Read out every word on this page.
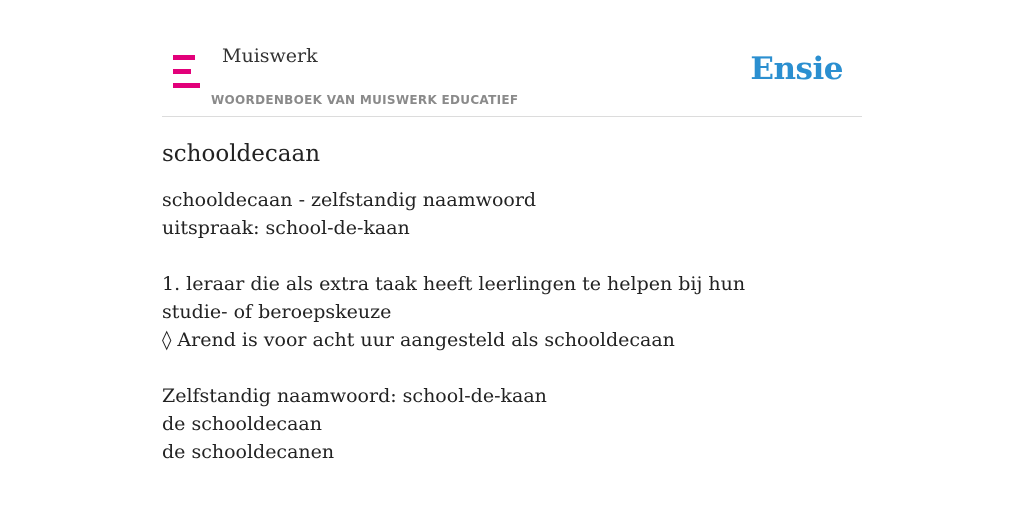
Muiswerk
WOORDENBOEK VAN MUISWERK EDUCATIEF
Ensie
schooldecaan
schooldecaan - zelfstandig naamwoord
uitspraak: school-de-kaan
1. leraar die als extra taak heeft leerlingen te helpen bij hun studie- of beroepskeuze
◊ Arend is voor acht uur aangesteld als schooldecaan
Zelfstandig naamwoord: school-de-kaan
de schooldecaan
de schooldecanen
